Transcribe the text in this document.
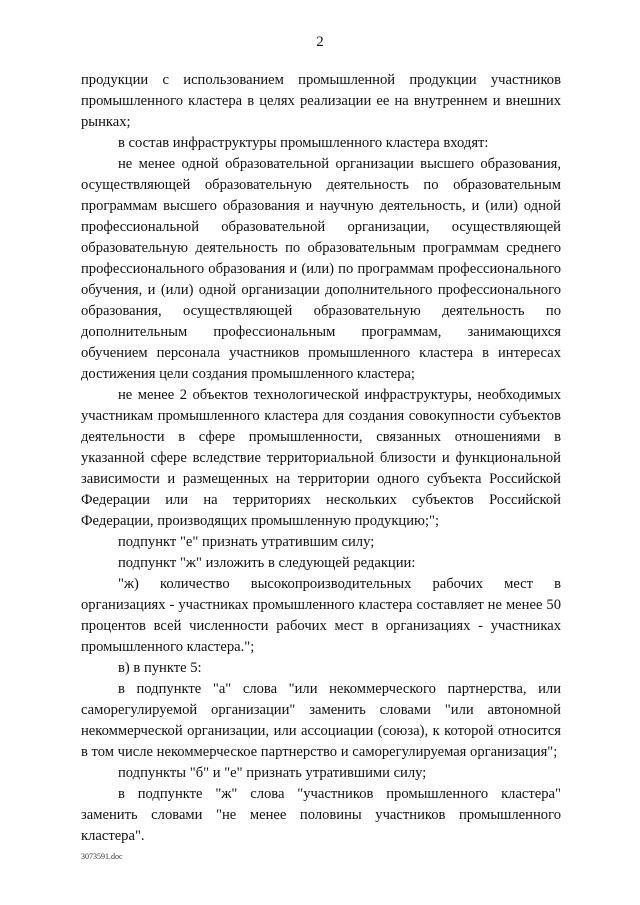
2

продукции с использованием промышленной продукции участников промышленного кластера в целях реализации ее на внутреннем и внешних рынках;

в состав инфраструктуры промышленного кластера входят:

не менее одной образовательной организации высшего образования, осуществляющей образовательную деятельность по образовательным программам высшего образования и научную деятельность, и (или) одной профессиональной образовательной организации, осуществляющей образовательную деятельность по образовательным программам среднего профессионального образования и (или) по программам профессионального обучения, и (или) одной организации дополнительного профессионального образования, осуществляющей образовательную деятельность по дополнительным профессиональным программам, занимающихся обучением персонала участников промышленного кластера в интересах достижения цели создания промышленного кластера;

не менее 2 объектов технологической инфраструктуры, необходимых участникам промышленного кластера для создания совокупности субъектов деятельности в сфере промышленности, связанных отношениями в указанной сфере вследствие территориальной близости и функциональной зависимости и размещенных на территории одного субъекта Российской Федерации или на территориях нескольких субъектов Российской Федерации, производящих промышленную продукцию;";

подпункт "е" признать утратившим силу;

подпункт "ж" изложить в следующей редакции:

"ж) количество высокопроизводительных рабочих мест в организациях - участниках промышленного кластера составляет не менее 50 процентов всей численности рабочих мест в организациях - участниках промышленного кластера.";

в) в пункте 5:

в подпункте "а" слова "или некоммерческого партнерства, или саморегулируемой организации" заменить словами "или автономной некоммерческой организации, или ассоциации (союза), к которой относится в том числе некоммерческое партнерство и саморегулируемая организация";

подпункты "б" и "е" признать утратившими силу;

в подпункте "ж" слова "участников промышленного кластера" заменить словами "не менее половины участников промышленного кластера".

3073591.doc
